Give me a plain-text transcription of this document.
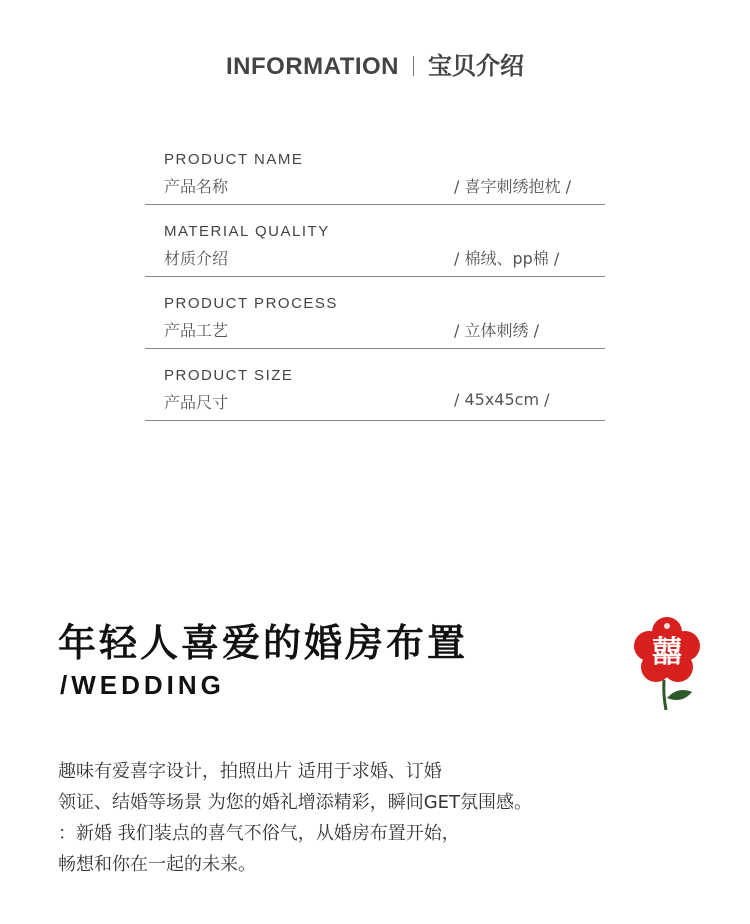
INFORMATION 宝贝介绍
PRODUCT NAME
产品名称	/ 喜字刺绣抱枕 /
MATERIAL QUALITY
材质介绍	/ 棉绒、pp棉 /
PRODUCT PROCESS
产品工艺	/ 立体刺绣 /
PRODUCT SIZE
产品尺寸	/ 45x45cm /
年轻人喜爱的婚房布置
/WEDDING
囍

趣味有爱喜字设计，拍照出片 适用于求婚、订婚

领证、结婚等场景 为您的婚礼增添精彩，瞬间GET氛围感。

：新婚 我们装点的喜气不俗气，从婚房布置开始，

畅想和你在一起的未来。
